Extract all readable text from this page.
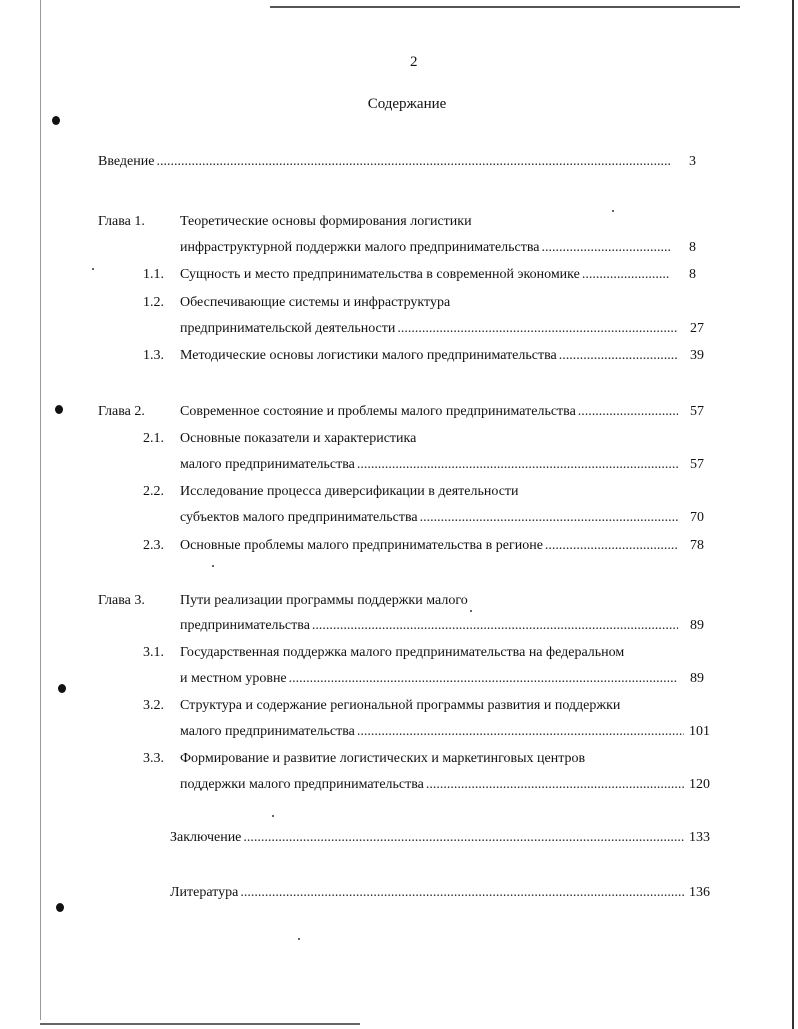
2
Содержание
Введение .....	3
Глава 1.	Теоретические основы формирования логистики
инфраструктурной поддержки малого предпринимательства .....	8
1.1. Сущность и место предпринимательства в современной экономике .....	8
1.2. Обеспечивающие системы и инфраструктура
предпринимательской деятельности .....	27
1.3. Методические основы логистики малого предпринимательства .....	39
Глава 2.	Современное состояние и проблемы малого предпринимательства .....	57
2.1. Основные показатели и характеристика
малого предпринимательства .....	57
2.2. Исследование процесса диверсификации в деятельности
субъектов малого предпринимательства .....	70
2.3. Основные проблемы малого предпринимательства в регионе .....	78
Глава 3.	Пути реализации программы поддержки малого
предпринимательства .....	89
3.1. Государственная поддержка малого предпринимательства на федеральном
и местном уровне .....	89
3.2. Структура и содержание региональной программы развития и поддержки
малого предпринимательства .....	101
3.3. Формирование и развитие логистических и маркетинговых центров
поддержки малого предпринимательства .....	120
Заключение .....	133
Литература .....	136
